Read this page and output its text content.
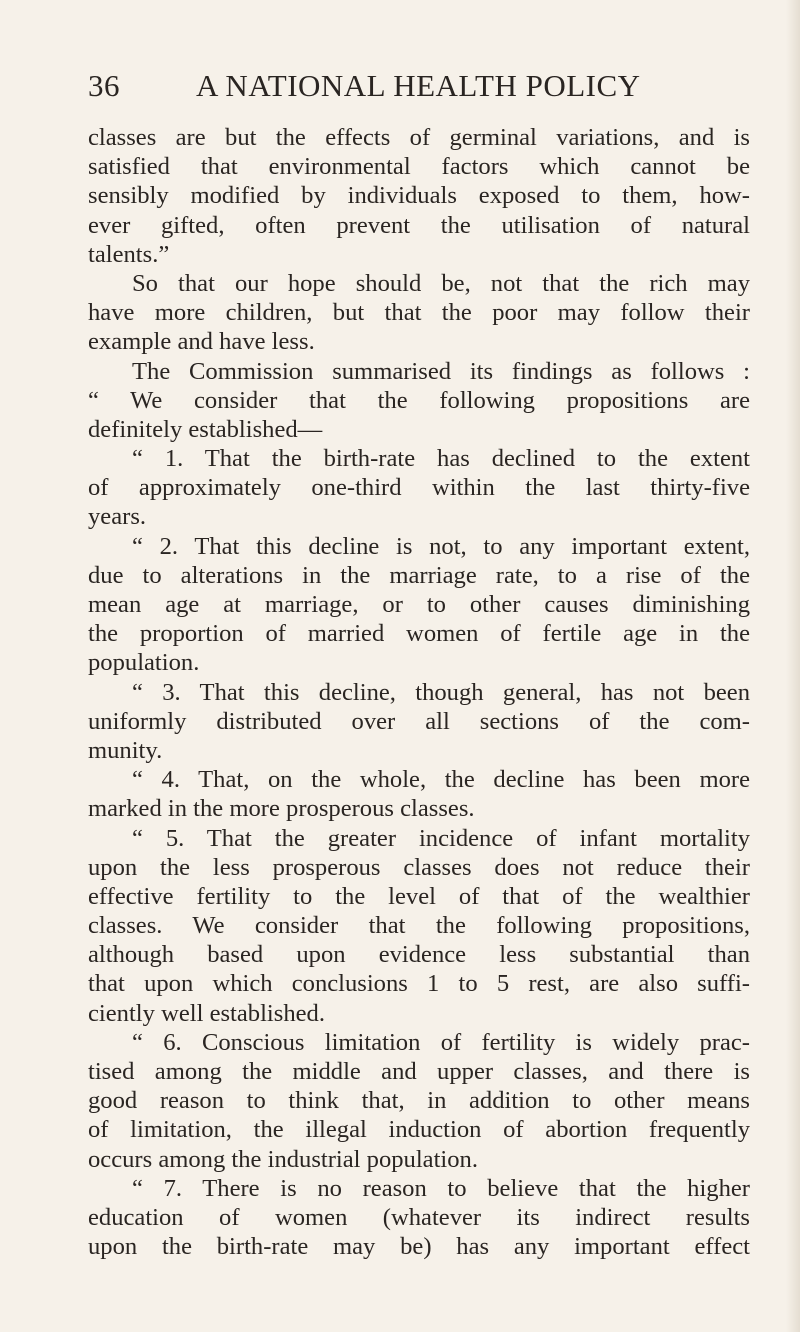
36 A NATIONAL HEALTH POLICY
classes are but the effects of germinal variations, and is
satisfied that environmental factors which cannot be
sensibly modified by individuals exposed to them, how-
ever gifted, often prevent the utilisation of natural
talents.”
So that our hope should be, not that the rich may
have more children, but that the poor may follow their
example and have less.
The Commission summarised its findings as follows :
“ We consider that the following propositions are
definitely established—
“ 1. That the birth-rate has declined to the extent
of approximately one-third within the last thirty-five
years.
“ 2. That this decline is not, to any important extent,
due to alterations in the marriage rate, to a rise of the
mean age at marriage, or to other causes diminishing
the proportion of married women of fertile age in the
population.
“ 3. That this decline, though general, has not been
uniformly distributed over all sections of the com-
munity.
“ 4. That, on the whole, the decline has been more
marked in the more prosperous classes.
“ 5. That the greater incidence of infant mortality
upon the less prosperous classes does not reduce their
effective fertility to the level of that of the wealthier
classes. We consider that the following propositions,
although based upon evidence less substantial than
that upon which conclusions 1 to 5 rest, are also suffi-
ciently well established.
“ 6. Conscious limitation of fertility is widely prac-
tised among the middle and upper classes, and there is
good reason to think that, in addition to other means
of limitation, the illegal induction of abortion frequently
occurs among the industrial population.
“ 7. There is no reason to believe that the higher
education of women (whatever its indirect results
upon the birth-rate may be) has any important effect
